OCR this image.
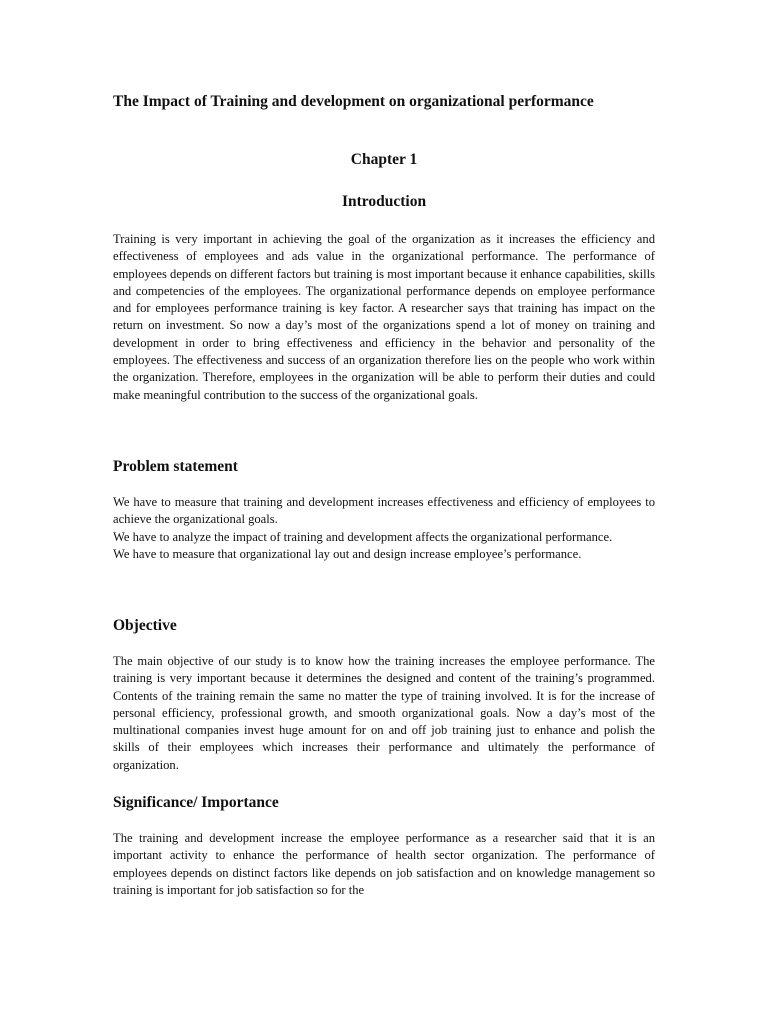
The Impact of Training and development on organizational performance
Chapter 1
Introduction

Training is very important in achieving the goal of the organization as it increases the efficiency and effectiveness of employees and ads value in the organizational performance. The performance of employees depends on different factors but training is most important because it enhance capabilities, skills and competencies of the employees. The organizational performance depends on employee performance and for employees performance training is key factor. A researcher says that training has impact on the return on investment. So now a day’s most of the organizations spend a lot of money on training and development in order to bring effectiveness and efficiency in the behavior and personality of the employees. The effectiveness and success of an organization therefore lies on the people who work within the organization. Therefore, employees in the organization will be able to perform their duties and could make meaningful contribution to the success of the organizational goals.

Problem statement

We have to measure that training and development increases effectiveness and efficiency of employees to achieve the organizational goals.
We have to analyze the impact of training and development affects the organizational performance.
We have to measure that organizational lay out and design increase employee’s performance.

Objective

The main objective of our study is to know how the training increases the employee performance. The training is very important because it determines the designed and content of the training’s programmed. Contents of the training remain the same no matter the type of training involved. It is for the increase of personal efficiency, professional growth, and smooth organizational goals. Now a day’s most of the multinational companies invest huge amount for on and off job training just to enhance and polish the skills of their employees which increases their performance and ultimately the performance of organization.

Significance/ Importance

The training and development increase the employee performance as a researcher said that it is an important activity to enhance the performance of health sector organization. The performance of employees depends on distinct factors like depends on job satisfaction and on knowledge management so training is important for job satisfaction so for the
